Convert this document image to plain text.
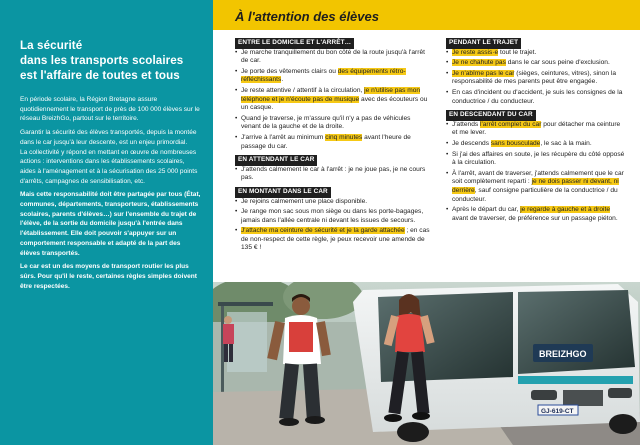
La sécurité
dans les transports scolaires
est l'affaire de toutes et tous

En période scolaire, la Région Bretagne assure quotidiennement le transport de près de 100 000 élèves sur le réseau BreizhGo, partout sur le territoire.

Garantir la sécurité des élèves transportés, depuis la montée dans le car jusqu'à leur descente, est un enjeu primordial.

La collectivité y répond en mettant en œuvre de nombreuses actions : interventions dans les établissements scolaires, aides à l'aménagement et à la sécurisation des 25 000 points d'arrêts, campagnes de sensibilisation, etc.

Mais cette responsabilité doit être partagée par tous (État, communes, départements, transporteurs, établissements scolaires, parents d'élèves…) sur l'ensemble du trajet de l'élève, de la sortie du domicile jusqu'à l'entrée dans l'établissement. Elle doit pouvoir s'appuyer sur un comportement responsable et adapté de la part des élèves transportés.

Le car est un des moyens de transport routier les plus sûrs. Pour qu'il le reste, certaines règles simples doivent être respectées.

À l'attention des élèves
ENTRE LE DOMICILE ET L'ARRÊT…
• Je marche tranquillement du bon côté de la route jusqu'à l'arrêt de car.
• Je porte des vêtements clairs ou des équipements rétro-réfléchissants.
• Je reste attentive / attentif à la circulation, je n'utilise pas mon téléphone et je n'écoute pas de musique avec des écouteurs ou un casque.
• Quand je traverse, je m'assure qu'il n'y a pas de véhicules venant de la gauche et de la droite.
• J'arrive à l'arrêt au minimum cinq minutes avant l'heure de passage du car.
EN ATTENDANT LE CAR
• J'attends calmement le car à l'arrêt : je ne joue pas, je ne cours pas.
EN MONTANT DANS LE CAR
• Je rejoins calmement une place disponible.
• Je range mon sac sous mon siège ou dans les porte-bagages, jamais dans l'allée centrale ni devant les issues de secours.
• J'attache ma ceinture de sécurité et je la garde attachée ; en cas de non-respect de cette règle, je peux recevoir une amende de 135 € !
PENDANT LE TRAJET
• Je reste assis·e tout le trajet.
• Je ne chahute pas dans le car sous peine d'exclusion.
• Je n'abîme pas le car (sièges, ceintures, vitres), sinon la responsabilité de mes parents peut être engagée.
• En cas d'incident ou d'accident, je suis les consignes de la conductrice / du conducteur.
EN DESCENDANT DU CAR
• J'attends l'arrêt complet du car pour détacher ma ceinture et me lever.
• Je descends sans bousculade, le sac à la main.
• Si j'ai des affaires en soute, je les récupère du côté opposé à la circulation.
• À l'arrêt, avant de traverser, j'attends calmement que le car soit complètement reparti : je ne dois passer ni devant, ni derrière, sauf consigne particulière de la conductrice / du conducteur.
• Après le départ du car, je regarde à gauche et à droite avant de traverser, de préférence sur un passage piéton.
BREIZHGO
GJ-619-CT
